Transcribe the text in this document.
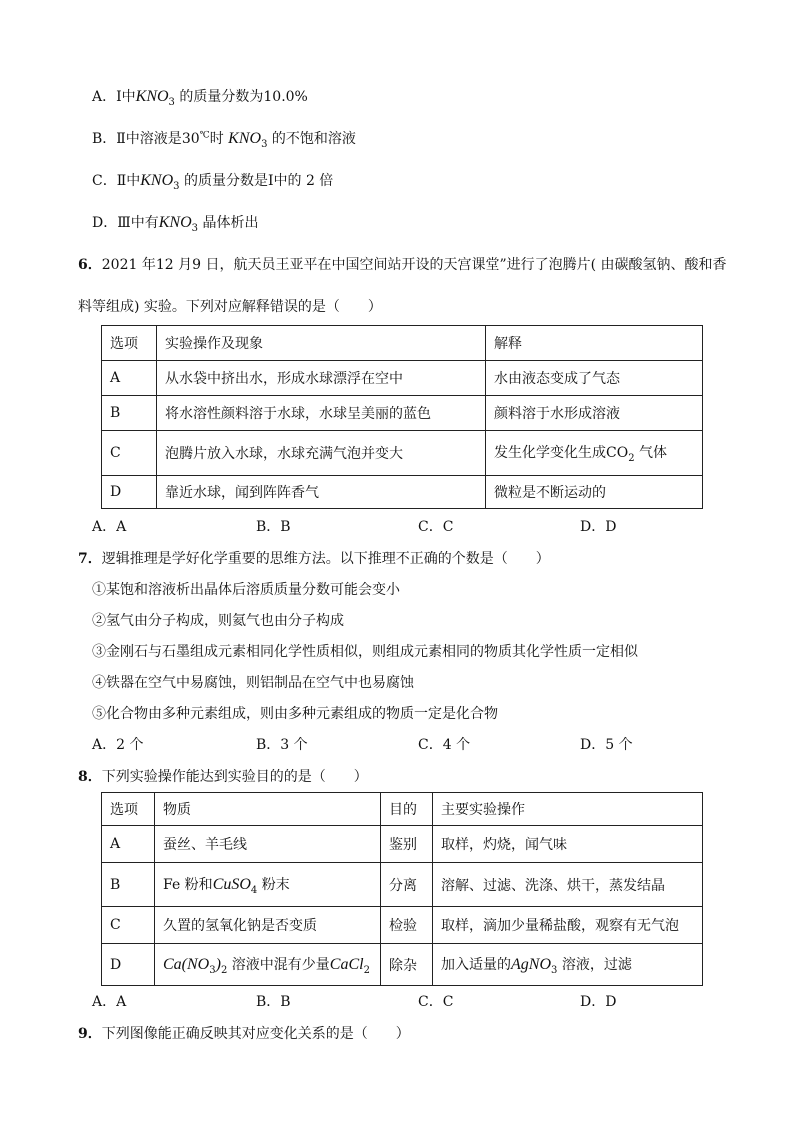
A．Ⅰ中$KNO_3$ 的质量分数为10.0%
B．Ⅱ中溶液是30℃时 $KNO_3$ 的不饱和溶液
C．Ⅱ中$KNO_3$ 的质量分数是Ⅰ中的 2 倍
D．Ⅲ中有$KNO_3$ 晶体析出
6．2021 年12 月9 日，航天员王亚平在中国空间站开设的天宫课堂”进行了泡腾片( 由碳酸氢钠、酸和香
料等组成) 实验。下列对应解释错误的是（　　）
选项	实验操作及现象	解释
A	从水袋中挤出水，形成水球漂浮在空中	水由液态变成了气态
B	将水溶性颜料溶于水球，水球呈美丽的蓝色	颜料溶于水形成溶液
C	泡腾片放入水球，水球充满气泡并变大	发生化学变化生成$CO_2$ 气体
D	靠近水球，闻到阵阵香气	微粒是不断运动的
A．A	B．B	C．C	D．D
7．逻辑推理是学好化学重要的思维方法。以下推理不正确的个数是（　　）
①某饱和溶液析出晶体后溶质质量分数可能会变小
②氢气由分子构成，则氦气也由分子构成
③金刚石与石墨组成元素相同化学性质相似，则组成元素相同的物质其化学性质一定相似
④铁器在空气中易腐蚀，则铝制品在空气中也易腐蚀
⑤化合物由多种元素组成，则由多种元素组成的物质一定是化合物
A．2 个	B．3 个	C．4 个	D．5 个
8．下列实验操作能达到实验目的的是（　　）
选项	物质	目的	主要实验操作
A	蚕丝、羊毛线	鉴别	取样，灼烧，闻气味
B	Fe 粉和CuSO$_4$ 粉末	分离	溶解、过滤、洗涤、烘干，蒸发结晶
C	久置的氢氧化钠是否变质	检验	取样，滴加少量稀盐酸，观察有无气泡
D	$Ca(NO_3)_2$ 溶液中混有少量CaCl$_2$	除杂	加入适量的AgNO$_3$ 溶液，过滤
A．A	B．B	C．C	D．D
9．下列图像能正确反映其对应变化关系的是（　　）
